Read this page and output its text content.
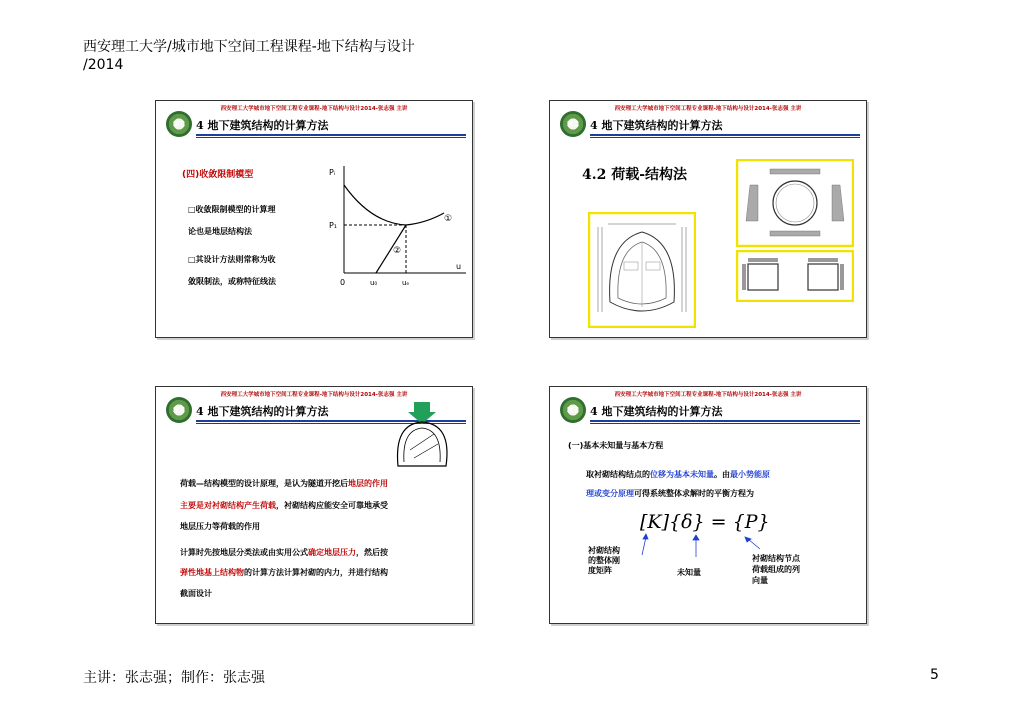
西安理工大学/城市地下空间工程课程-地下结构与设计
/2014
西安理工大学城市地下空间工程专业课程-地下结构与设计2014-张志强 主讲
理工	4 地下建筑结构的计算方法
(四)收敛限制模型
□收敛限制模型的计算理
论也是地层结构法
□其设计方法则常称为收
敛限制法，或称特征线法
Pᵢ
P₁
u
0	u₀	uₑ
①
②
西安理工大学城市地下空间工程专业课程-地下结构与设计2014-张志强 主讲
理工	4 地下建筑结构的计算方法
4.2 荷载-结构法
西安理工大学城市地下空间工程专业课程-地下结构与设计2014-张志强 主讲
理工	4 地下建筑结构的计算方法
荷载—结构模型的设计原理，是认为隧道开挖后地层的作用
主要是对衬砌结构产生荷载，衬砌结构应能安全可靠地承受
地层压力等荷载的作用
计算时先按地层分类法或由实用公式确定地层压力，然后按
弹性地基上结构物的计算方法计算衬砌的内力，并进行结构
截面设计
西安理工大学城市地下空间工程专业课程-地下结构与设计2014-张志强 主讲
理工	4 地下建筑结构的计算方法
(一)基本未知量与基本方程
取衬砌结构结点的位移为基本未知量。由最小势能原
理或变分原理可得系统整体求解时的平衡方程为
[K]{δ} = {P}
衬砌结构
的整体刚
度矩阵	未知量
衬砌结构节点
荷载组成的列
向量
主讲：张志强；制作：张志强	5
